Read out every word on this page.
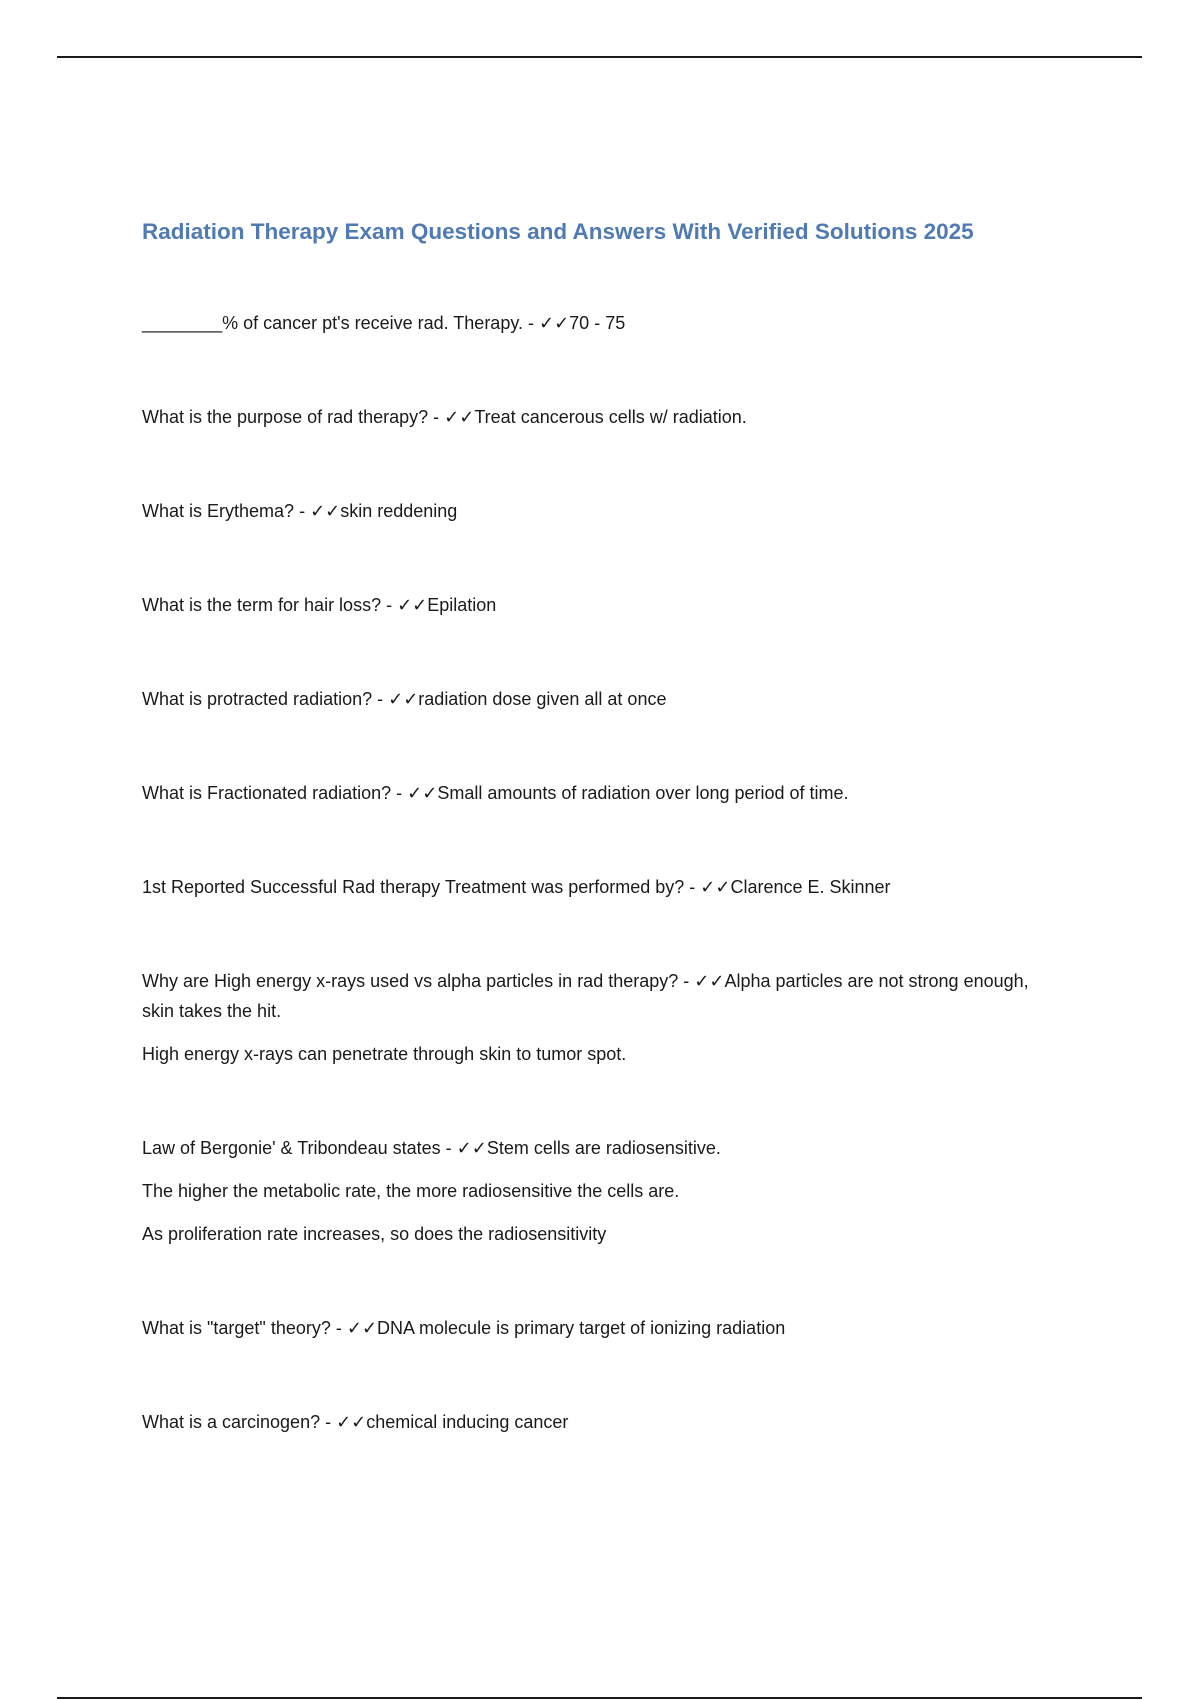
Radiation Therapy Exam Questions and Answers With Verified Solutions 2025

________% of cancer pt's receive rad. Therapy. - ✓✓70 - 75

What is the purpose of rad therapy? - ✓✓Treat cancerous cells w/ radiation.

What is Erythema? - ✓✓skin reddening

What is the term for hair loss? - ✓✓Epilation

What is protracted radiation? - ✓✓radiation dose given all at once

What is Fractionated radiation? - ✓✓Small amounts of radiation over long period of time.

1st Reported Successful Rad therapy Treatment was performed by? - ✓✓Clarence E. Skinner

Why are High energy x-rays used vs alpha particles in rad therapy? - ✓✓Alpha particles are not strong enough, skin takes the hit.

High energy x-rays can penetrate through skin to tumor spot.

Law of Bergonie' & Tribondeau states - ✓✓Stem cells are radiosensitive.

The higher the metabolic rate, the more radiosensitive the cells are.

As proliferation rate increases, so does the radiosensitivity

What is "target" theory? - ✓✓DNA molecule is primary target of ionizing radiation

What is a carcinogen? - ✓✓chemical inducing cancer
